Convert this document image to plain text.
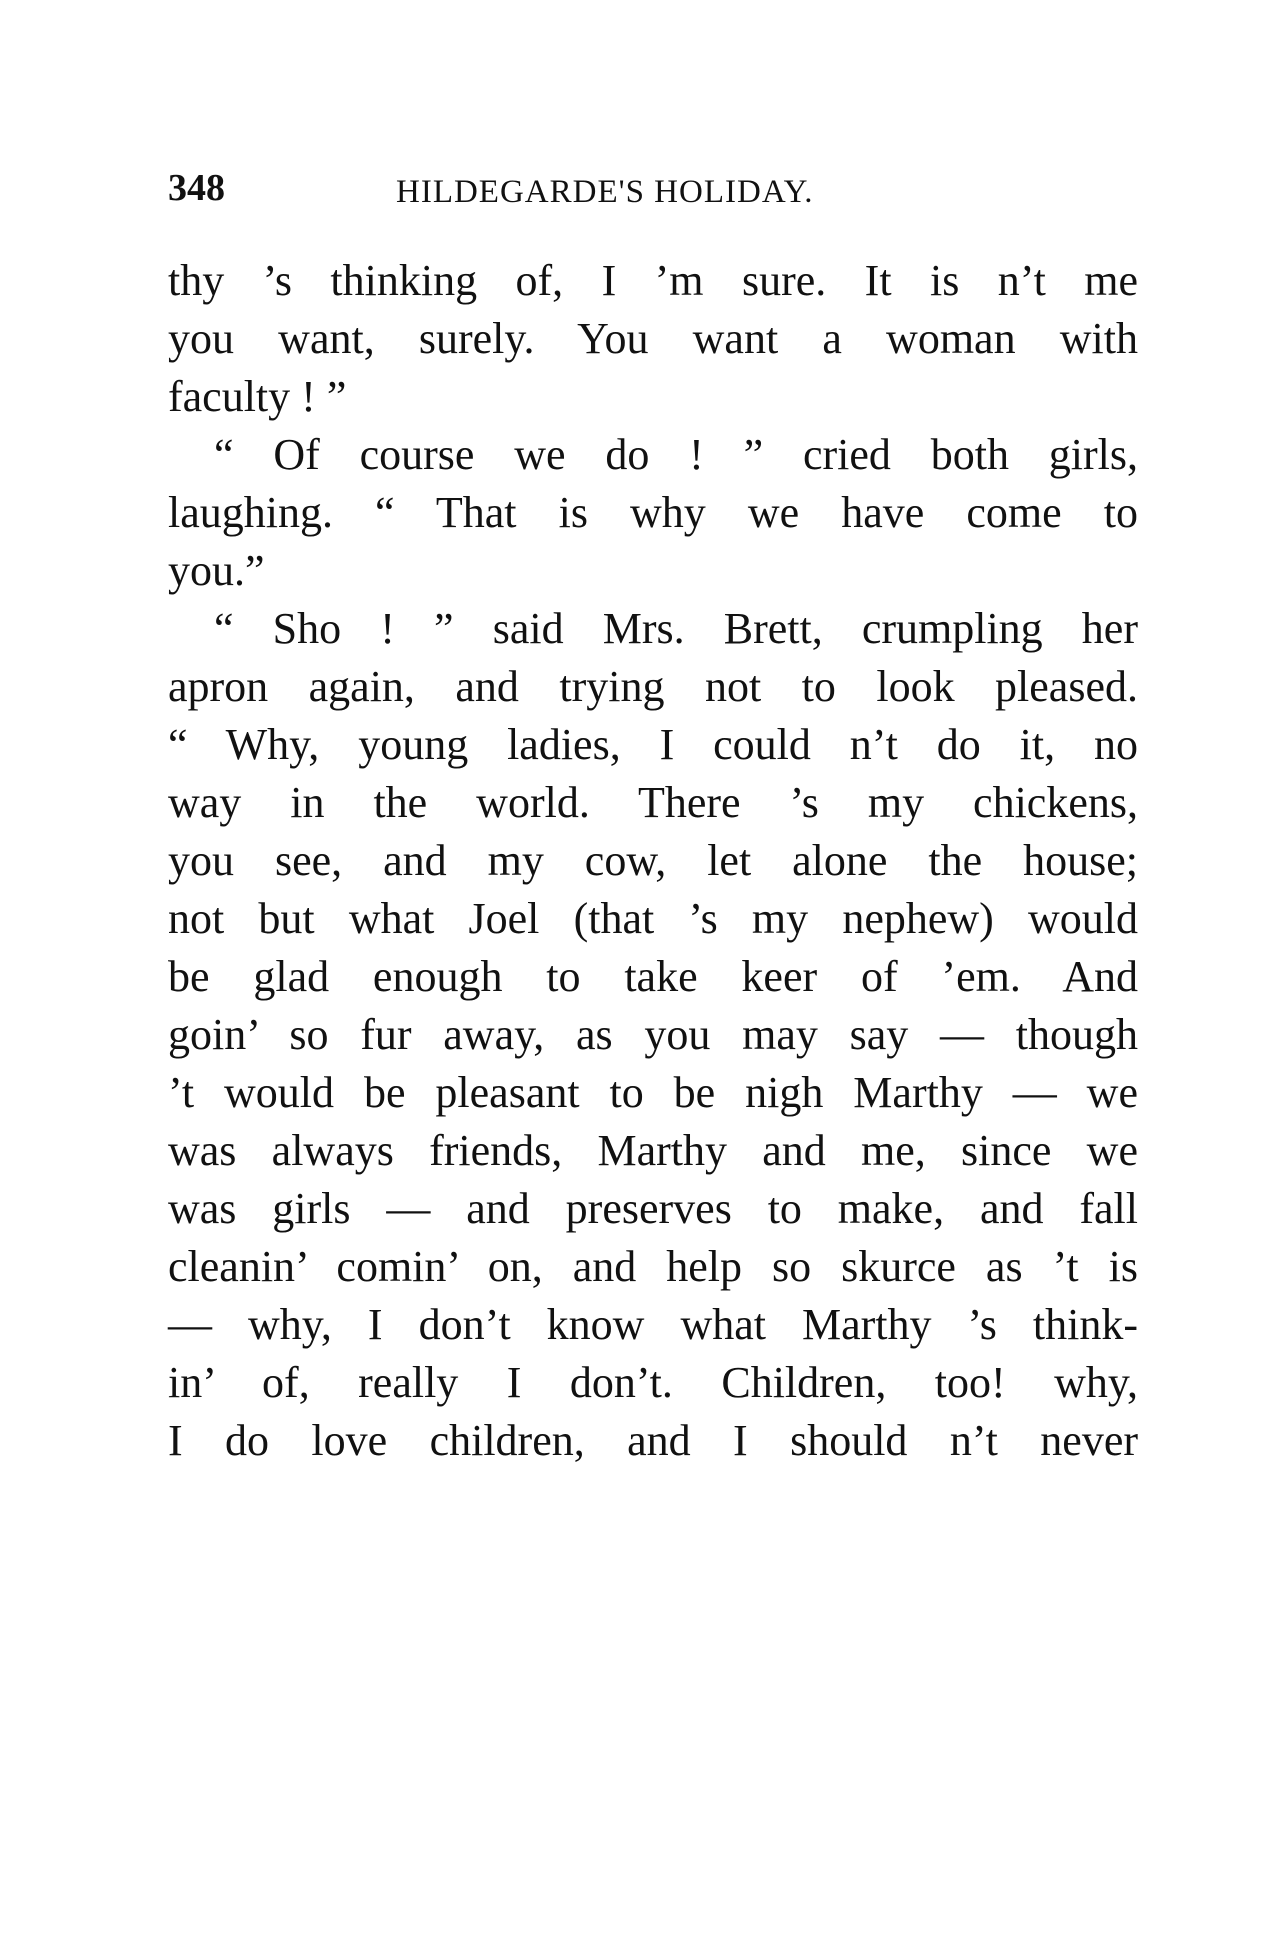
348	HILDEGARDE'S HOLIDAY.
thy ’s thinking of, I ’m sure. It is n’t me
you want, surely. You want a woman with
faculty ! ”
“ Of course we do ! ” cried both girls,
laughing. “ That is why we have come to
you.”
“ Sho ! ” said Mrs. Brett, crumpling her
apron again, and trying not to look pleased.
“ Why, young ladies, I could n’t do it, no
way in the world. There ’s my chickens,
you see, and my cow, let alone the house;
not but what Joel (that ’s my nephew) would
be glad enough to take keer of ’em. And
goin’ so fur away, as you may say — though
’t would be pleasant to be nigh Marthy — we
was always friends, Marthy and me, since we
was girls — and preserves to make, and fall
cleanin’ comin’ on, and help so skurce as ’t is
— why, I don’t know what Marthy ’s think-
in’ of, really I don’t. Children, too! why,
I do love children, and I should n’t never
